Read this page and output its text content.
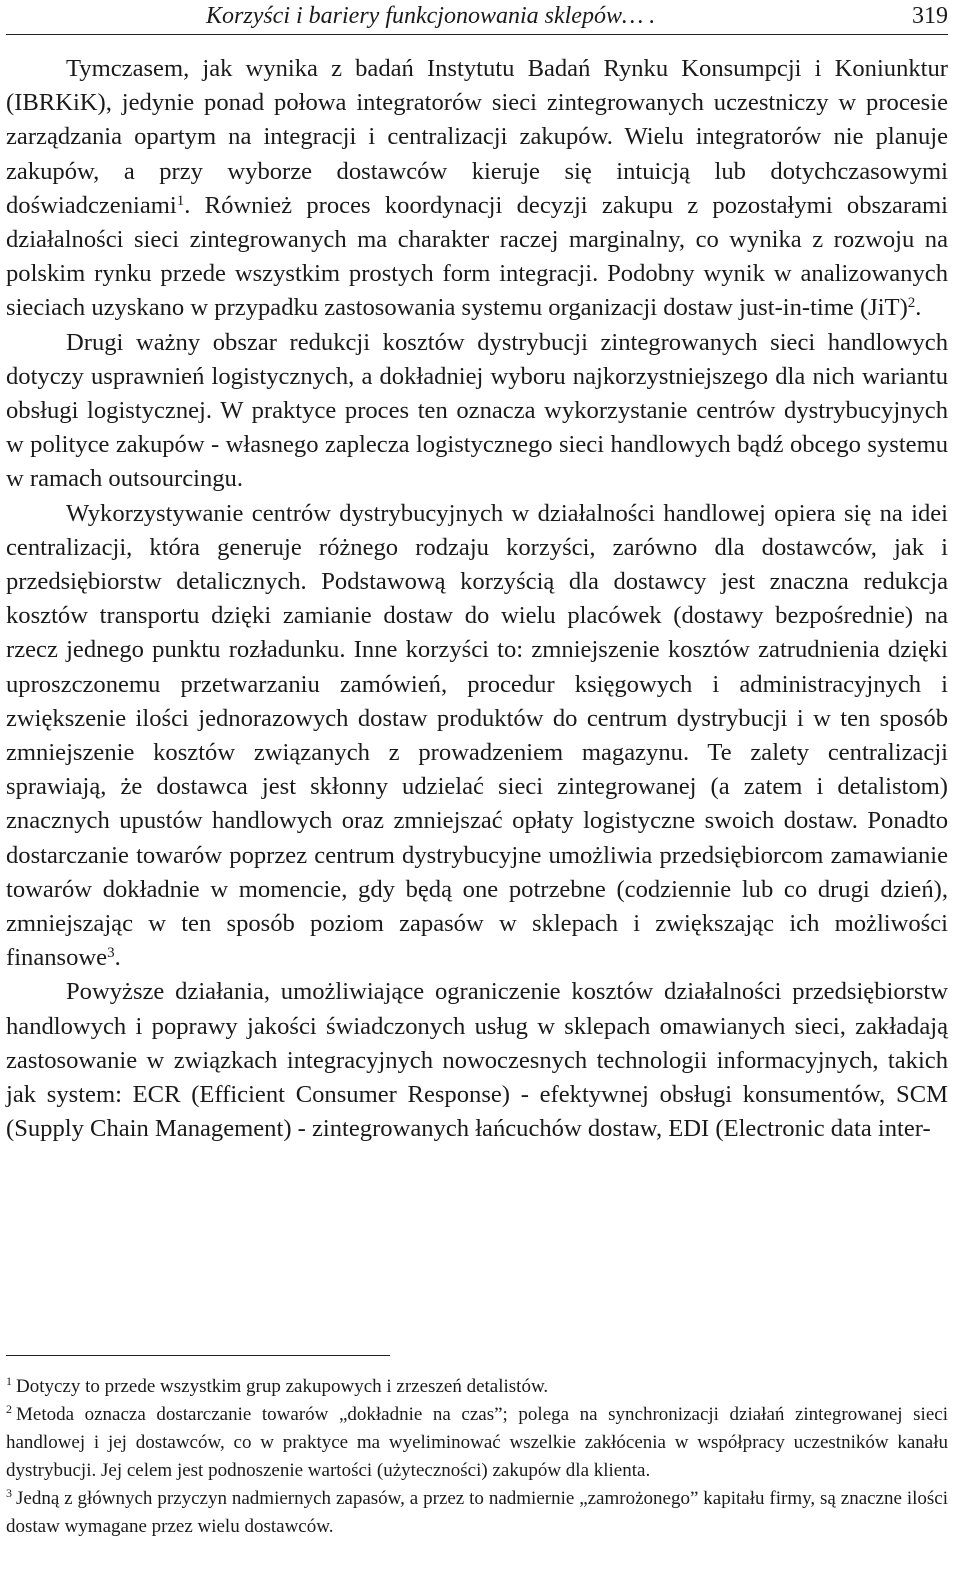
Korzyści i bariery funkcjonowania sklepów… .	319

Tymczasem, jak wynika z badań Instytutu Badań Rynku Konsumpcji i Koniunktur (IBRKiK), jedynie ponad połowa integratorów sieci zintegrowanych uczestniczy w procesie zarządzania opartym na integracji i centralizacji zakupów. Wielu integratorów nie planuje zakupów, a przy wyborze dostawców kieruje się intuicją lub dotychczasowymi doświadczeniami$^1$. Również proces koordynacji decyzji zakupu z pozostałymi obszarami działalności sieci zintegrowanych ma charakter raczej marginalny, co wynika z rozwoju na polskim rynku przede wszystkim prostych form integracji. Podobny wynik w analizowanych sieciach uzyskano w przypadku zastosowania systemu organizacji dostaw just-in-time (JiT)$^2$.

Drugi ważny obszar redukcji kosztów dystrybucji zintegrowanych sieci handlowych dotyczy usprawnień logistycznych, a dokładniej wyboru najkorzystniejszego dla nich wariantu obsługi logistycznej. W praktyce proces ten oznacza wykorzystanie centrów dystrybucyjnych w polityce zakupów - własnego zaplecza logistycznego sieci handlowych bądź obcego systemu w ramach outsourcingu.

Wykorzystywanie centrów dystrybucyjnych w działalności handlowej opiera się na idei centralizacji, która generuje różnego rodzaju korzyści, zarówno dla dostawców, jak i przedsiębiorstw detalicznych. Podstawową korzyścią dla dostawcy jest znaczna redukcja kosztów transportu dzięki zamianie dostaw do wielu placówek (dostawy bezpośrednie) na rzecz jednego punktu rozładunku. Inne korzyści to: zmniejszenie kosztów zatrudnienia dzięki uproszczonemu przetwarzaniu zamówień, procedur księgowych i administracyjnych i zwiększenie ilości jednorazowych dostaw produktów do centrum dystrybucji i w ten sposób zmniejszenie kosztów związanych z prowadzeniem magazynu. Te zalety centralizacji sprawiają, że dostawca jest skłonny udzielać sieci zintegrowanej (a zatem i detalistom) znacznych upustów handlowych oraz zmniejszać opłaty logistyczne swoich dostaw. Ponadto dostarczanie towarów poprzez centrum dystrybucyjne umożliwia przedsiębiorcom zamawianie towarów dokładnie w momencie, gdy będą one potrzebne (codziennie lub co drugi dzień), zmniejszając w ten sposób poziom zapasów w sklepach i zwiększając ich możliwości finansowe$^3$.

Powyższe działania, umożliwiające ograniczenie kosztów działalności przedsiębiorstw handlowych i poprawy jakości świadczonych usług w sklepach omawianych sieci, zakładają zastosowanie w związkach integracyjnych nowoczesnych technologii informacyjnych, takich jak system: ECR (Efficient Consumer Response) - efektywnej obsługi konsumentów, SCM (Supply Chain Management) - zintegrowanych łańcuchów dostaw, EDI (Electronic data inter-

$^1$ Dotyczy to przede wszystkim grup zakupowych i zrzeszeń detalistów.

$^2$ Metoda oznacza dostarczanie towarów „dokładnie na czas”; polega na synchronizacji działań zintegrowanej sieci handlowej i jej dostawców, co w praktyce ma wyeliminować wszelkie zakłócenia w współpracy uczestników kanału dystrybucji. Jej celem jest podnoszenie wartości (użyteczności) zakupów dla klienta.

$^3$ Jedną z głównych przyczyn nadmiernych zapasów, a przez to nadmiernie „zamrożonego” kapitału firmy, są znaczne ilości dostaw wymagane przez wielu dostawców.
